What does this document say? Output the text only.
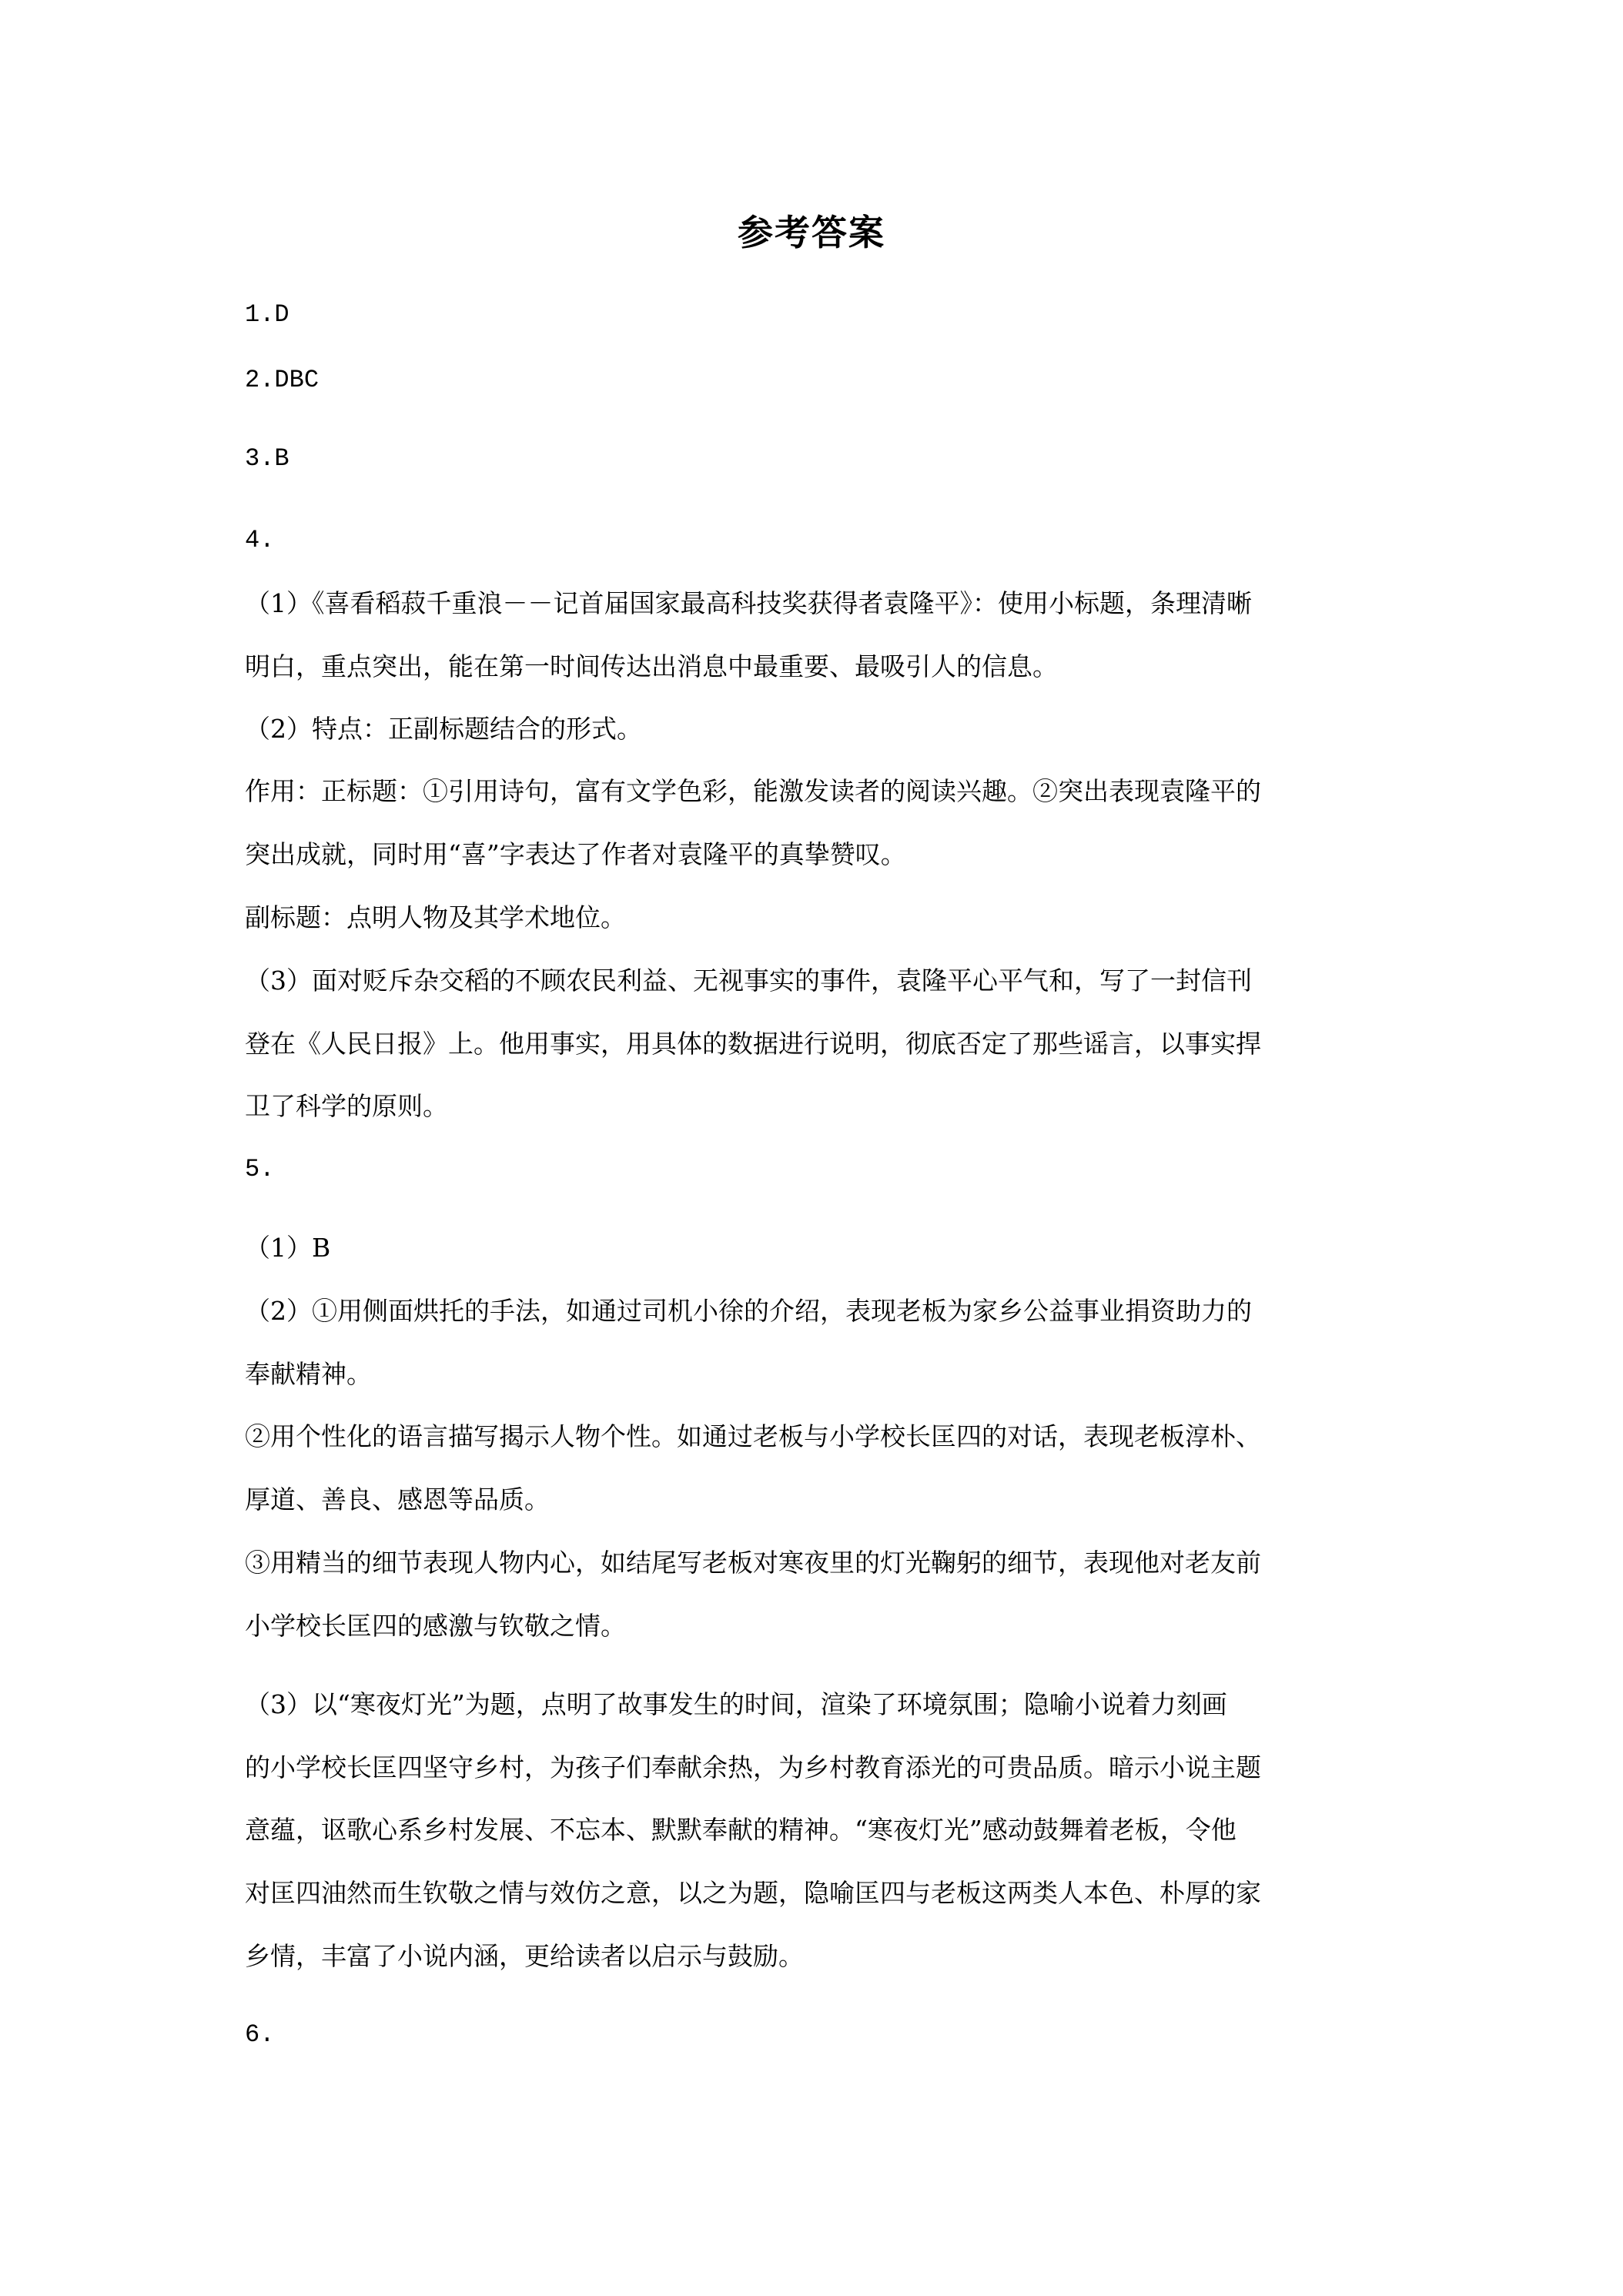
参考答案
1.D
2.DBC
3.B
4.
（1）《喜看稻菽千重浪－－记首届国家最高科技奖获得者袁隆平》：使用小标题，条理清晰
明白，重点突出，能在第一时间传达出消息中最重要、最吸引人的信息。
（2）特点：正副标题结合的形式。
作用：正标题：①引用诗句，富有文学色彩，能激发读者的阅读兴趣。②突出表现袁隆平的
突出成就，同时用“喜”字表达了作者对袁隆平的真挚赞叹。
副标题：点明人物及其学术地位。
（3）面对贬斥杂交稻的不顾农民利益、无视事实的事件，袁隆平心平气和，写了一封信刊
登在《人民日报》上。他用事实，用具体的数据进行说明，彻底否定了那些谣言，以事实捍
卫了科学的原则。
5.
（1）B
（2）①用侧面烘托的手法，如通过司机小徐的介绍，表现老板为家乡公益事业捐资助力的
奉献精神。
②用个性化的语言描写揭示人物个性。如通过老板与小学校长匡四的对话，表现老板淳朴、
厚道、善良、感恩等品质。
③用精当的细节表现人物内心，如结尾写老板对寒夜里的灯光鞠躬的细节，表现他对老友前
小学校长匡四的感激与钦敬之情。
（3）以“寒夜灯光”为题，点明了故事发生的时间，渲染了环境氛围；隐喻小说着力刻画
的小学校长匡四坚守乡村，为孩子们奉献余热，为乡村教育添光的可贵品质。暗示小说主题
意蕴，讴歌心系乡村发展、不忘本、默默奉献的精神。“寒夜灯光”感动鼓舞着老板，令他
对匡四油然而生钦敬之情与效仿之意，以之为题，隐喻匡四与老板这两类人本色、朴厚的家
乡情，丰富了小说内涵，更给读者以启示与鼓励。
6.
